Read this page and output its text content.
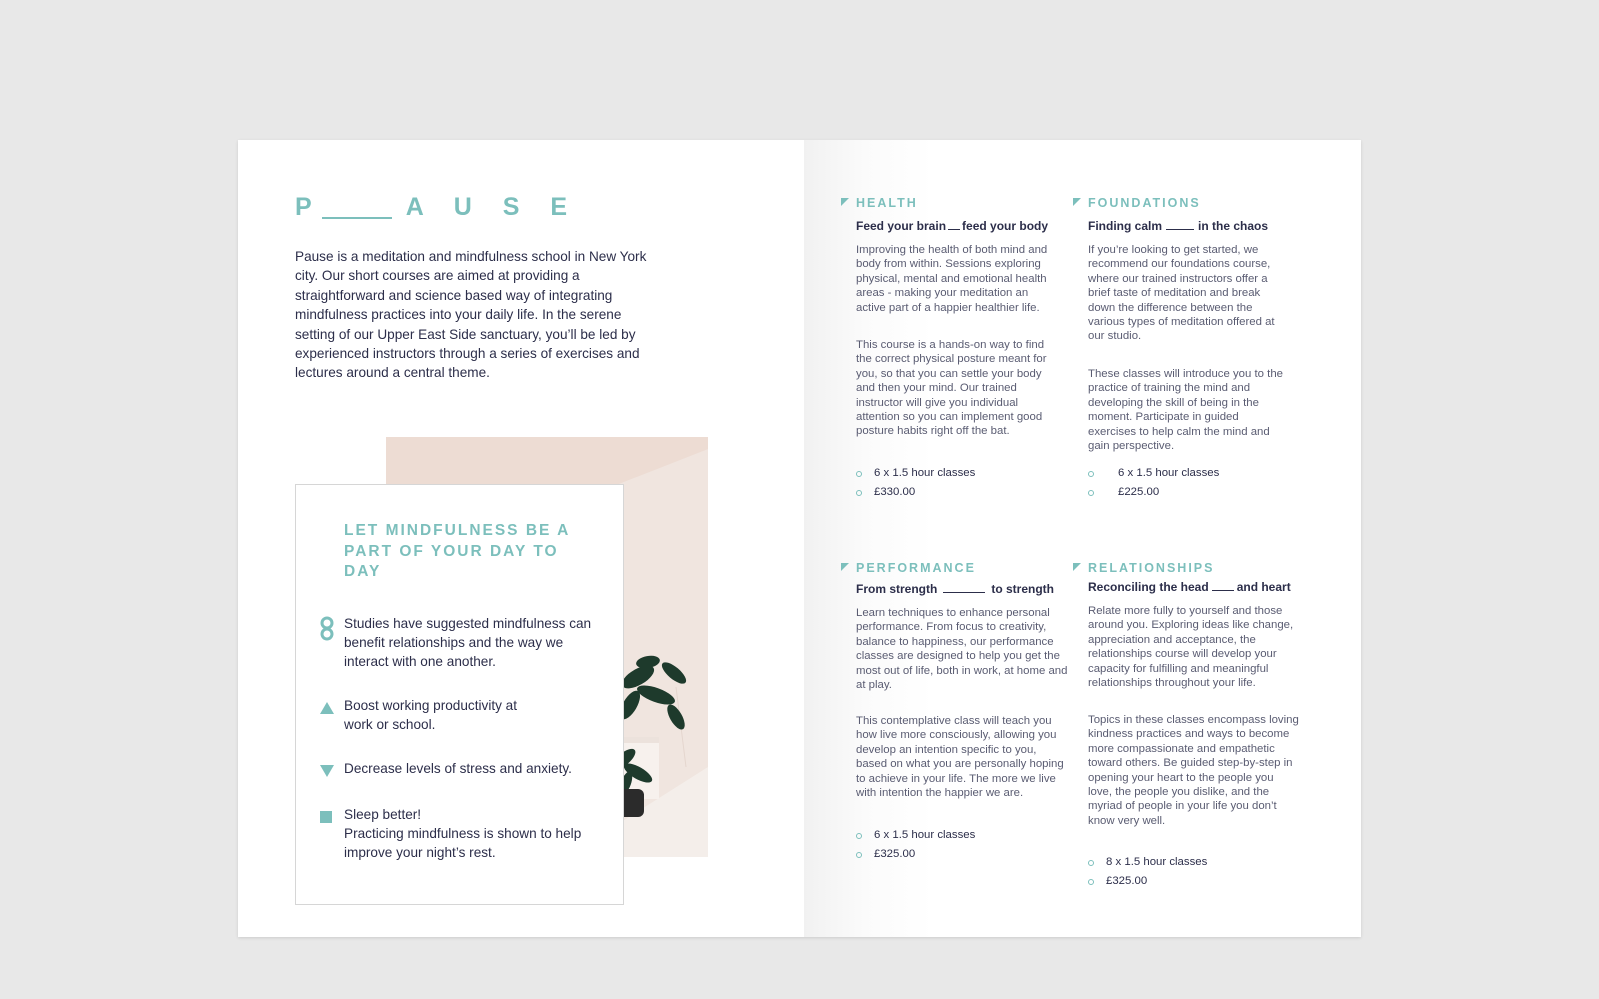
P	A U S E

Pause is a meditation and mindfulness school in New York city. Our short courses are aimed at providing a straightforward and science based way of integrating mindfulness practices into your daily life. In the serene setting of our Upper East Side sanctuary, you’ll be led by experienced instructors through a series of exercises and lectures around a central theme.

LET MINDFULNESS BE A PART OF YOUR DAY TO DAY
Studies have suggested mindfulness can benefit relationships and the way we interact with one another.
Boost working productivity at work or school.
Decrease levels of stress and anxiety.
Sleep better!
Practicing mindfulness is shown to help improve your night’s rest.
HEALTH
Feed your brain feed your body

Improving the health of both mind and body from within. Sessions exploring physical, mental and emotional health areas - making your meditation an active part of a happier healthier life.

This course is a hands-on way to find the correct physical posture meant for you, so that you can settle your body and then your mind. Our trained instructor will give you individual attention so you can implement good posture habits right off the bat.

6 x 1.5 hour classes
£330.00
FOUNDATIONS
Finding calm	in the chaos

If you’re looking to get started, we recommend our foundations course, where our trained instructors offer a brief taste of meditation and break down the difference between the various types of meditation offered at our studio.

These classes will introduce you to the practice of training the mind and developing the skill of being in the moment. Participate in guided exercises to help calm the mind and gain perspective.

6 x 1.5 hour classes
£225.00
PERFORMANCE
From strength	to strength

Learn techniques to enhance personal performance. From focus to creativity, balance to happiness, our performance classes are designed to help you get the most out of life, both in work, at home and at play.

This contemplative class will teach you how live more consciously, allowing you develop an intention specific to you, based on what you are personally hoping to achieve in your life. The more we live with intention the happier we are.

6 x 1.5 hour classes
£325.00
RELATIONSHIPS
Reconciling the head and heart

Relate more fully to yourself and those around you. Exploring ideas like change, appreciation and acceptance, the relationships course will develop your capacity for fulfilling and meaningful relationships throughout your life.

Topics in these classes encompass loving kindness practices and ways to become more compassionate and empathetic toward others. Be guided step-by-step in opening your heart to the people you love, the people you dislike, and the myriad of people in your life you don’t know very well.

8 x 1.5 hour classes
£325.00
